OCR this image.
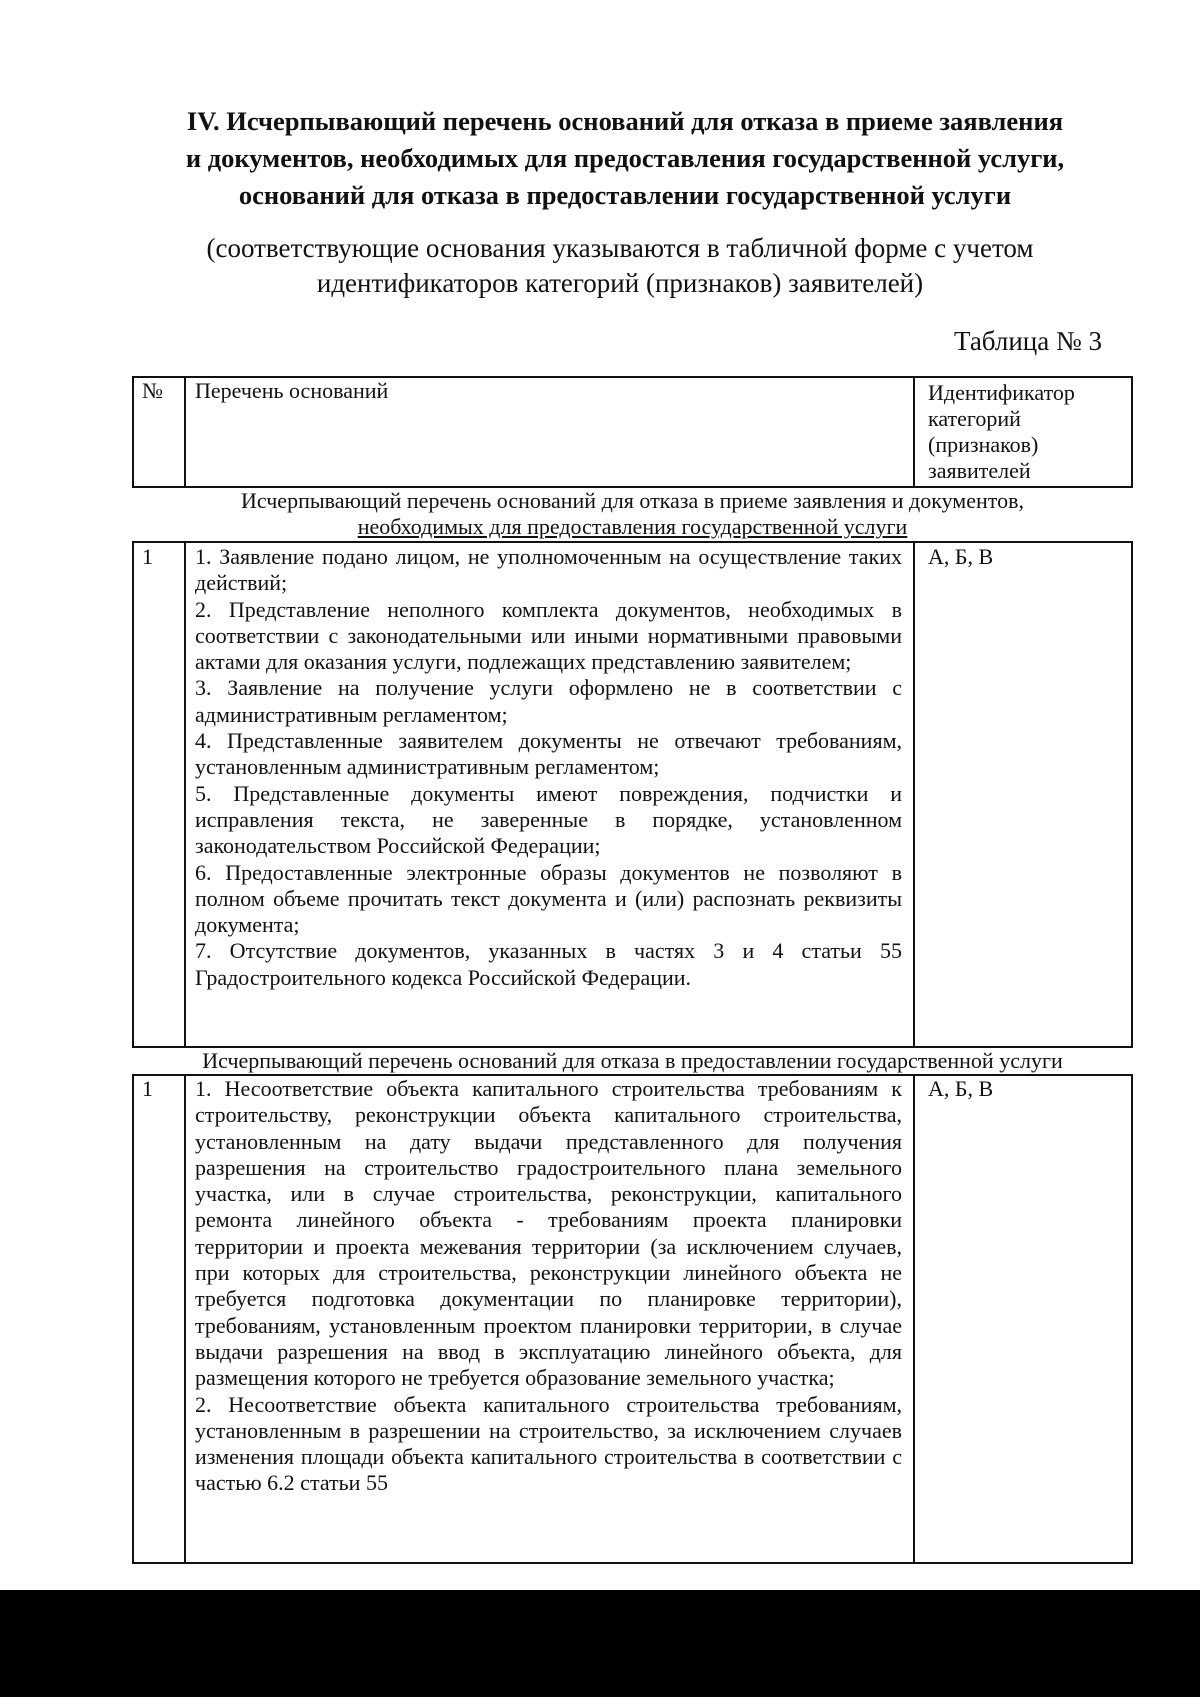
IV. Исчерпывающий перечень оснований для отказа в приеме заявления
и документов, необходимых для предоставления государственной услуги,
оснований для отказа в предоставлении государственной услуги
(соответствующие основания указываются в табличной форме с учетом
идентификаторов категорий (признаков) заявителей)
Таблица № 3
№ Перечень оснований	Идентификатор категорий (признаков) заявителей
Исчерпывающий перечень оснований для отказа в приеме заявления и документов,
необходимых для предоставления государственной услуги
1 1. Заявление подано лицом, не уполномоченным на осуществление таких действий;

2. Представление неполного комплекта документов, необходимых в соответствии с законодательными или иными нормативными правовыми актами для оказания услуги, подлежащих представлению заявителем;

3. Заявление на получение услуги оформлено не в соответствии с административным регламентом;

4. Представленные заявителем документы не отвечают требованиям, установленным административным регламентом;

5. Представленные документы имеют повреждения, подчистки и исправления текста, не заверенные в порядке, установленном законодательством Российской Федерации;

6. Предоставленные электронные образы документов не позволяют в полном объеме прочитать текст документа и (или) распознать реквизиты документа;

7. Отсутствие документов, указанных в частях 3 и 4 статьи 55 Градостроительного кодекса Российской Федерации.

А, Б, В
Исчерпывающий перечень оснований для отказа в предоставлении государственной услуги
1 1. Несоответствие объекта капитального строительства требованиям к строительству, реконструкции объекта капитального строительства, установленным на дату выдачи представленного для получения разрешения на строительство градостроительного плана земельного участка, или в случае строительства, реконструкции, капитального ремонта линейного объекта - требованиям проекта планировки территории и проекта межевания территории (за исключением случаев, при которых для строительства, реконструкции линейного объекта не требуется подготовка документации по планировке территории), требованиям, установленным проектом планировки территории, в случае выдачи разрешения на ввод в эксплуатацию линейного объекта, для размещения которого не требуется образование земельного участка;

2. Несоответствие объекта капитального строительства требованиям, установленным в разрешении на строительство, за исключением случаев изменения площади объекта капитального строительства в соответствии с частью 6.2 статьи 55

А, Б, В
